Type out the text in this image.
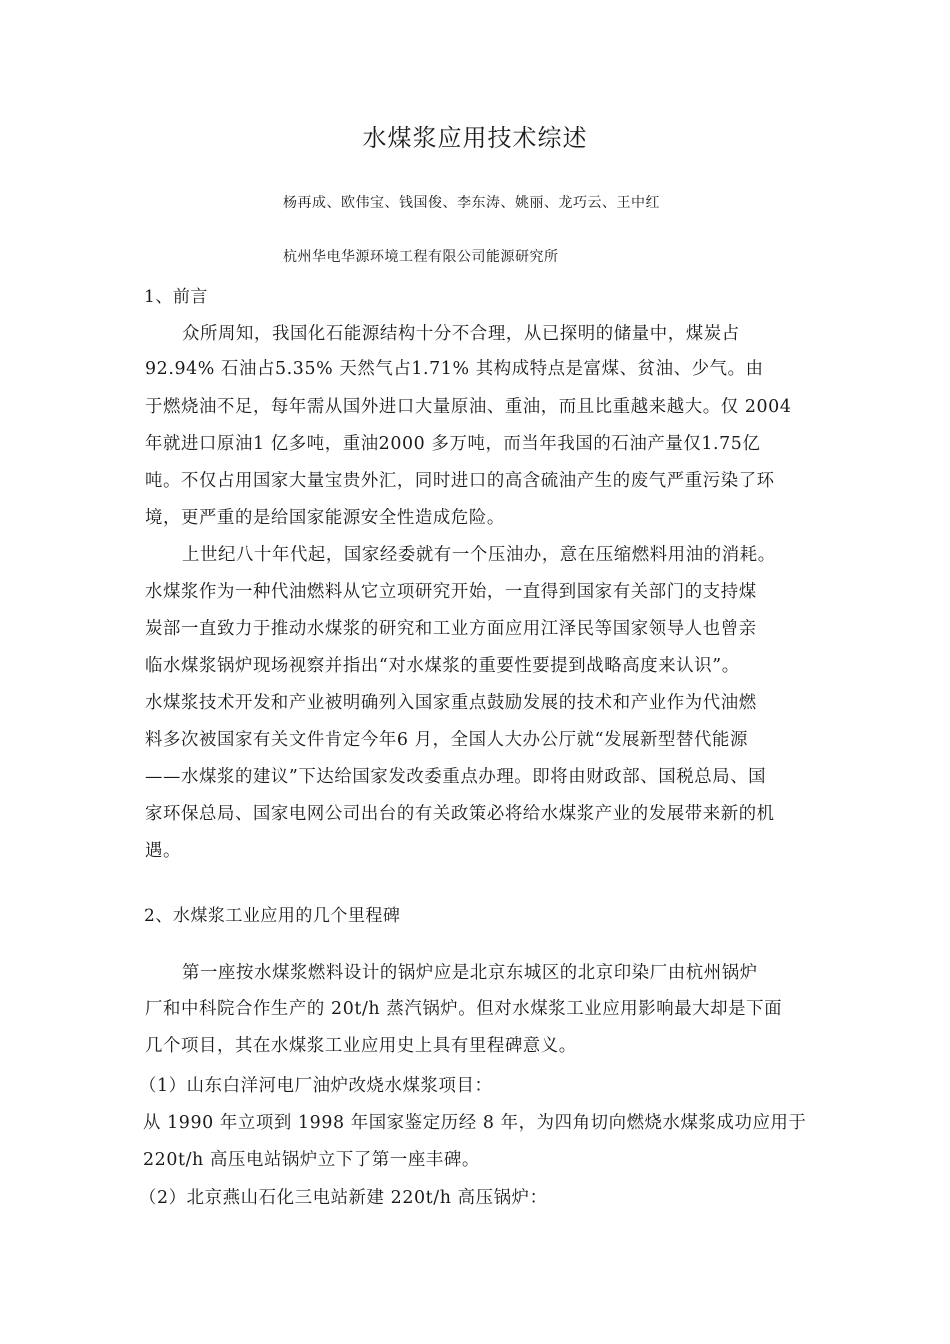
水煤浆应用技术综述
杨再成、欧伟宝、钱国俊、李东涛、姚丽、龙巧云、王中红
杭州华电华源环境工程有限公司能源研究所
1、前言
众所周知，我国化石能源结构十分不合理，从已探明的储量中，煤炭占
92.94% 石油占5.35% 天然气占1.71% 其构成特点是富煤、贫油、少气。由
于燃烧油不足，每年需从国外进口大量原油、重油，而且比重越来越大。仅 2004
年就进口原油1 亿多吨，重油2000 多万吨，而当年我国的石油产量仅1.75亿
吨。不仅占用国家大量宝贵外汇，同时进口的高含硫油产生的废气严重污染了环
境，更严重的是给国家能源安全性造成危险。
上世纪八十年代起，国家经委就有一个压油办，意在压缩燃料用油的消耗。
水煤浆作为一种代油燃料从它立项研究开始，一直得到国家有关部门的支持煤
炭部一直致力于推动水煤浆的研究和工业方面应用江泽民等国家领导人也曾亲
临水煤浆锅炉现场视察并指出“对水煤浆的重要性要提到战略高度来认识”。
水煤浆技术开发和产业被明确列入国家重点鼓励发展的技术和产业作为代油燃
料多次被国家有关文件肯定今年6 月，全国人大办公厅就“发展新型替代能源
——水煤浆的建议”下达给国家发改委重点办理。即将由财政部、国税总局、国
家环保总局、国家电网公司出台的有关政策必将给水煤浆产业的发展带来新的机
遇。
2、水煤浆工业应用的几个里程碑
第一座按水煤浆燃料设计的锅炉应是北京东城区的北京印染厂由杭州锅炉
厂和中科院合作生产的 20t/h 蒸汽锅炉。但对水煤浆工业应用影响最大却是下面
几个项目，其在水煤浆工业应用史上具有里程碑意义。
（1）山东白洋河电厂油炉改烧水煤浆项目：
从 1990 年立项到 1998 年国家鉴定历经 8 年，为四角切向燃烧水煤浆成功应用于
220t/h 高压电站锅炉立下了第一座丰碑。
（2）北京燕山石化三电站新建 220t/h 高压锅炉：
